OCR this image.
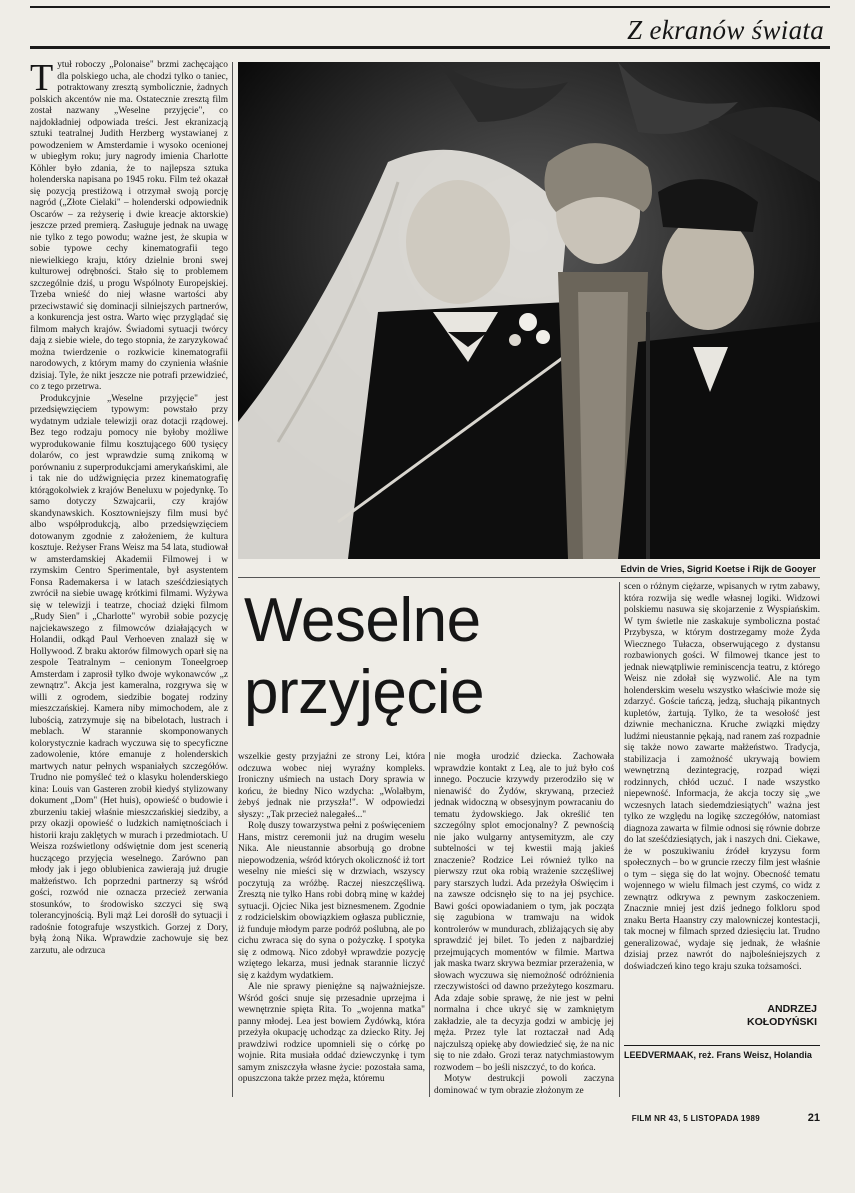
Z ekranów świata

Tytuł roboczy „Polonaise" brzmi zachęcająco dla polskiego ucha, ale chodzi tylko o taniec, potraktowany zresztą symbolicznie, żadnych polskich akcentów nie ma. Ostatecznie zresztą film został nazwany „Weselne przyjęcie", co najdokładniej odpowiada treści. Jest ekranizacją sztuki teatralnej Judith Herzberg wystawianej z powodzeniem w Amsterdamie i wysoko ocenionej w ubiegłym roku; jury nagrody imienia Charlotte Köhler było zdania, że to najlepsza sztuka holenderska napisana po 1945 roku. Film też okazał się pozycją prestiżową i otrzymał swoją porcję nagród („Złote Cielaki" – holenderski odpowiednik Oscarów – za reżyserię i dwie kreacje aktorskie) jeszcze przed premierą. Zasługuje jednak na uwagę nie tylko z tego powodu; ważne jest, że skupia w sobie typowe cechy kinematografii tego niewielkiego kraju, który dzielnie broni swej kulturowej odrębności. Stało się to problemem szczególnie dziś, u progu Wspólnoty Europejskiej. Trzeba wnieść do niej własne wartości aby przeciwstawić się dominacji silniejszych partnerów, a konkurencja jest ostra. Warto więc przyglądać się filmom małych krajów. Świadomi sytuacji twórcy dają z siebie wiele, do tego stopnia, że zaryzykować można twierdzenie o rozkwicie kinematografii narodowych, z którym mamy do czynienia właśnie dzisiaj. Tyle, że nikt jeszcze nie potrafi przewidzieć, co z tego przetrwa.

Produkcyjnie „Weselne przyjęcie" jest przedsięwzięciem typowym: powstało przy wydatnym udziale telewizji oraz dotacji rządowej. Bez tego rodzaju pomocy nie byłoby możliwe wyprodukowanie filmu kosztującego 600 tysięcy dolarów, co jest wprawdzie sumą znikomą w porównaniu z superprodukcjami amerykańskimi, ale i tak nie do udźwignięcia przez kinematografię którągokolwiek z krajów Beneluxu w pojedynkę. To samo dotyczy Szwajcarii, czy krajów skandynawskich. Kosztowniejszy film musi być albo współprodukcją, albo przedsięwzięciem dotowanym zgodnie z założeniem, że kultura kosztuje. Reżyser Frans Weisz ma 54 lata, studiował w amsterdamskiej Akademii Filmowej i w rzymskim Centro Sperimentale, był asystentem Fonsa Rademakersa i w latach sześćdziesiątych zwrócił na siebie uwagę krótkimi filmami. Wyżywa się w telewizji i teatrze, chociaż dzięki filmom „Rudy Sien" i „Charlotte" wyrobił sobie pozycję najciekawszego z filmowców działających w Holandii, odkąd Paul Verhoeven znalazł się w Hollywood. Z braku aktorów filmowych oparł się na zespole Teatralnym – cenionym Toneelgroep Amsterdam i zaprosił tylko dwoje wykonawców „z zewnątrz". Akcja jest kameralna, rozgrywa się w willi z ogrodem, siedzibie bogatej rodziny mieszczańskiej. Kamera niby mimochodem, ale z lubością, zatrzymuje się na bibelotach, lustrach i meblach. W starannie skomponowanych kolorystycznie kadrach wyczuwa się to specyficzne zadowolenie, które emanuje z holenderskich martwych natur pełnych wspaniałych szczegółów. Trudno nie pomyśleć też o klasyku holenderskiego kina: Louis van Gasteren zrobił kiedyś stylizowany dokument „Dom" (Het huis), opowieść o budowie i zburzeniu takiej właśnie mieszczańskiej siedziby, a przy okazji opowieść o ludzkich namiętnościach i historii kraju zaklętych w murach i przedmiotach. U Weisza rozświetlony odświętnie dom jest scenerią huczącego przyjęcia weselnego. Zarówno pan młody jak i jego oblubienica zawierają już drugie małżeństwo. Ich poprzedni partnerzy są wśród gości, rozwód nie oznacza przecież zerwania stosunków, to środowisko szczyci się swą tolerancyjnością. Byli mąż Lei doroślł do sytuacji i radośnie fotografuje wszystkich. Gorzej z Dory, byłą żoną Nika. Wprawdzie zachowuje się bez zarzutu, ale odrzuca

Edvin de Vries, Sigrid Koetse i Rijk de Gooyer
Weselne
przyjęcie

wszelkie gesty przyjaźni ze strony Lei, która odczuwa wobec niej wyraźny kompleks. Ironiczny uśmiech na ustach Dory sprawia w końcu, że biedny Nico wzdycha: „Wolałbym, żebyś jednak nie przyszła!". W odpowiedzi słyszy: „Tak przecież nalegałeś..."

Rolę duszy towarzystwa pełni z poświęceniem Hans, mistrz ceremonii już na drugim weselu Nika. Ale nieustannie absorbują go drobne niepowodzenia, wśród których okoliczność iż tort weselny nie mieści się w drzwiach, wszyscy poczytują za wróżbę. Raczej nieszczęśliwą. Zresztą nie tylko Hans robi dobrą minę w każdej sytuacji. Ojciec Nika jest biznesmenem. Zgodnie z rodzicielskim obowiązkiem ogłasza publicznie, iż funduje młodym parze podróż poślubną, ale po cichu zwraca się do syna o pożyczkę. I spotyka się z odmową. Nico zdobył wprawdzie pozycję wziętego lekarza, musi jednak starannie liczyć się z każdym wydatkiem.

Ale nie sprawy pieniężne są najważniejsze. Wśród gości snuje się przesadnie uprzejma i wewnętrznie spięta Rita. To „wojenna matka" panny młodej. Lea jest bowiem Żydówką, która przeżyła okupację uchodząc za dziecko Rity. Jej prawdziwi rodzice upomnieli się o córkę po wojnie. Rita musiała oddać dziewczynkę i tym samym zniszczyła własne życie: pozostała sama, opuszczona także przez męża, któremu

nie mogła urodzić dziecka. Zachowała wprawdzie kontakt z Leą, ale to już było coś innego. Poczucie krzywdy przerodziło się w nienawiść do Żydów, skrywaną, przecież jednak widoczną w obsesyjnym powracaniu do tematu żydowskiego. Jak określić ten szczególny splot emocjonalny? Z pewnością nie jako wulgarny antysemityzm, ale czy subtelności w tej kwestii mają jakieś znaczenie? Rodzice Lei również tylko na pierwszy rzut oka robią wrażenie szczęśliwej pary starszych ludzi. Ada przeżyła Oświęcim i na zawsze odcisnęło się to na jej psychice. Bawi gości opowiadaniem o tym, jak począta się zagubiona w tramwaju na widok kontrolerów w mundurach, zbliżających się aby sprawdzić jej bilet. To jeden z najbardziej przejmujących momentów w filmie. Martwa jak maska twarz skrywa bezmiar przerażenia, w słowach wyczuwa się niemożność odróżnienia rzeczywistości od dawno przeżytego koszmaru. Ada zdaje sobie sprawę, że nie jest w pełni normalna i chce ukryć się w zamkniętym zakładzie, ale ta decyzja godzi w ambicję jej męża. Przez tyle lat roztaczał nad Adą najczulszą opiekę aby dowiedzieć się, że na nic się to nie zdało. Grozi teraz natychmiastowym rozwodem – bo jeśli niszczyć, to do końca.

Motyw destrukcji powoli zaczyna dominować w tym obrazie złożonym ze

scen o różnym ciężarze, wpisanych w rytm zabawy, która rozwija się wedle własnej logiki. Widzowi polskiemu nasuwa się skojarzenie z Wyspiańskim. W tym świetle nie zaskakuje symboliczna postać Przybysza, w którym dostrzegamy może Żyda Wiecznego Tułacza, obserwującego z dystansu rozbawionych gości. W filmowej tkance jest to jednak niewątpliwie reminiscencja teatru, z którego Weisz nie zdołał się wyzwolić. Ale na tym holenderskim weselu wszystko właściwie może się zdarzyć. Goście tańczą, jedzą, słuchają pikantnych kupletów, żartują. Tylko, że ta wesołość jest dziwnie mechaniczna. Kruche związki między ludźmi nieustannie pękają, nad ranem zaś rozpadnie się także nowo zawarte małżeństwo. Tradycja, stabilizacja i zamożność ukrywają bowiem wewnętrzną dezintegrację, rozpad więzi rodzinnych, chłód uczuć. I nade wszystko niepewność. Informacja, że akcja toczy się „we wczesnych latach siedemdziesiątych" ważna jest tylko ze względu na logikę szczegółów, natomiast diagnoza zawarta w filmie odnosi się równie dobrze do lat sześćdziesiątych, jak i naszych dni. Ciekawe, że w poszukiwaniu źródeł kryzysu form społecznych – bo w gruncie rzeczy film jest właśnie o tym – sięga się do lat wojny. Obecność tematu wojennego w wielu filmach jest czymś, co widz z zewnątrz odkrywa z pewnym zaskoczeniem. Znacznie mniej jest dziś jednego folkloru spod znaku Berta Haanstry czy malowniczej kontestacji, tak mocnej w filmach sprzed dziesięciu lat. Trudno generalizować, wydaje się jednak, że właśnie dzisiaj przez nawrót do najboleśniejszych z doświadczeń kino tego kraju szuka tożsamości.

ANDRZEJ
KOŁODYŃSKI
LEEDVERMAAK, reż. Frans Weisz, Holandia
FILM NR 43, 5 LISTOPADA 1989	21
